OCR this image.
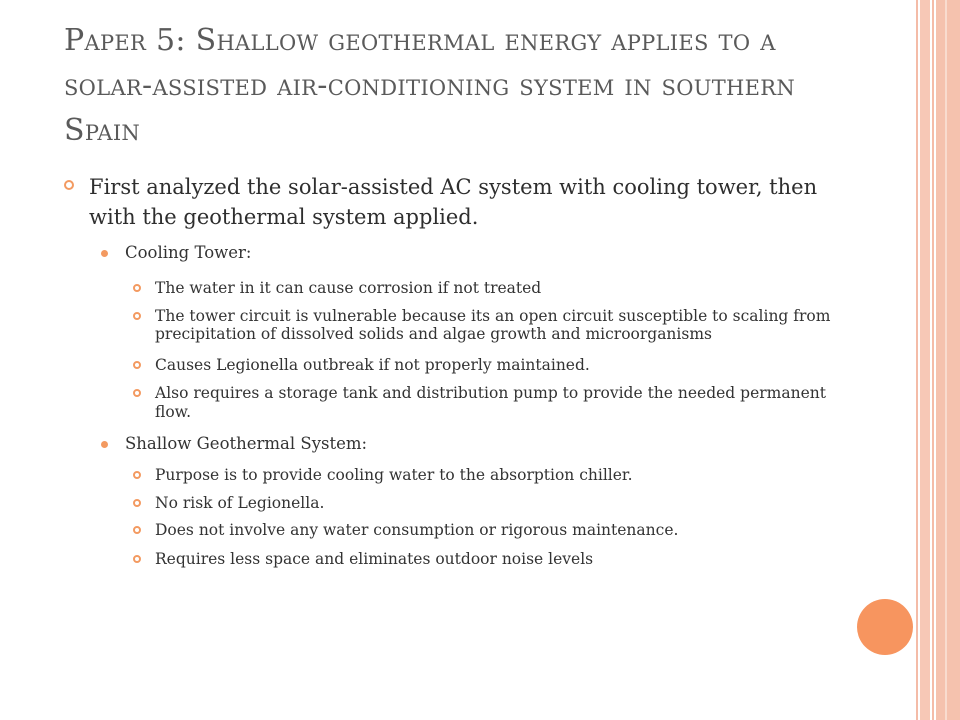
Paper 5: Shallow geothermal energy applies to a solar-assisted air-conditioning system in southern Spain
First analyzed the solar-assisted AC system with cooling tower, then with the geothermal system applied.
Cooling Tower:
The water in it can cause corrosion if not treated
The tower circuit is vulnerable because its an open circuit susceptible to scaling from precipitation of dissolved solids and algae growth and microorganisms
Causes Legionella outbreak if not properly maintained.
Also requires a storage tank and distribution pump to provide the needed permanent flow.
Shallow Geothermal System:
Purpose is to provide cooling water to the absorption chiller.
No risk of Legionella.
Does not involve any water consumption or rigorous maintenance.
Requires less space and eliminates outdoor noise levels
